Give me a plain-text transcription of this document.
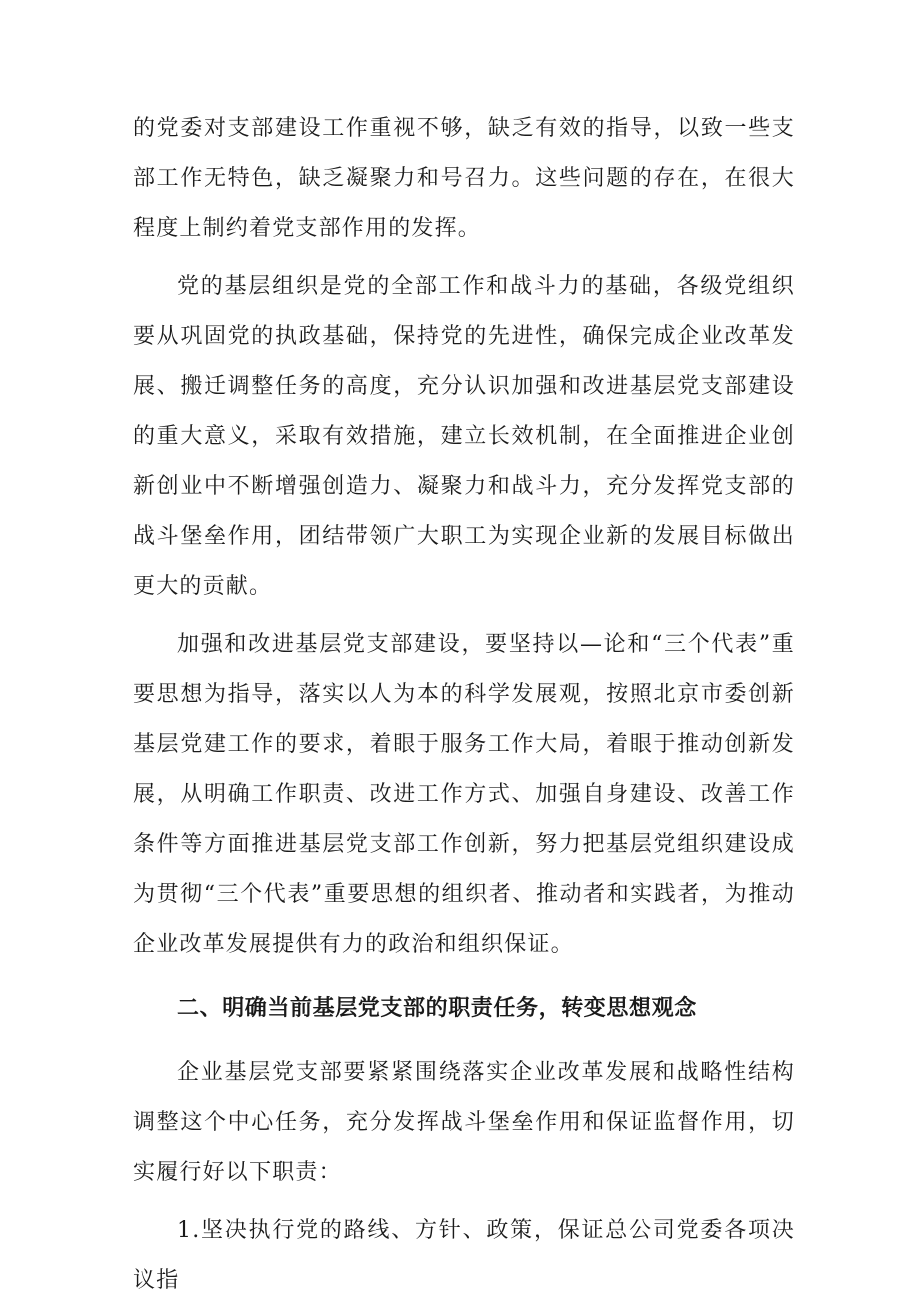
的党委对支部建设工作重视不够，缺乏有效的指导，以致一些支部工作无特色，缺乏凝聚力和号召力。这些问题的存在，在很大程度上制约着党支部作用的发挥。

党的基层组织是党的全部工作和战斗力的基础，各级党组织要从巩固党的执政基础，保持党的先进性，确保完成企业改革发展、搬迁调整任务的高度，充分认识加强和改进基层党支部建设的重大意义，采取有效措施，建立长效机制，在全面推进企业创新创业中不断增强创造力、凝聚力和战斗力，充分发挥党支部的战斗堡垒作用，团结带领广大职工为实现企业新的发展目标做出更大的贡献。

加强和改进基层党支部建设，要坚持以—论和“三个代表”重要思想为指导，落实以人为本的科学发展观，按照北京市委创新基层党建工作的要求，着眼于服务工作大局，着眼于推动创新发展，从明确工作职责、改进工作方式、加强自身建设、改善工作条件等方面推进基层党支部工作创新，努力把基层党组织建设成为贯彻“三个代表”重要思想的组织者、推动者和实践者，为推动企业改革发展提供有力的政治和组织保证。

二、明确当前基层党支部的职责任务，转变思想观念

企业基层党支部要紧紧围绕落实企业改革发展和战略性结构调整这个中心任务，充分发挥战斗堡垒作用和保证监督作用，切实履行好以下职责：

1.坚决执行党的路线、方针、政策，保证总公司党委各项决议指
